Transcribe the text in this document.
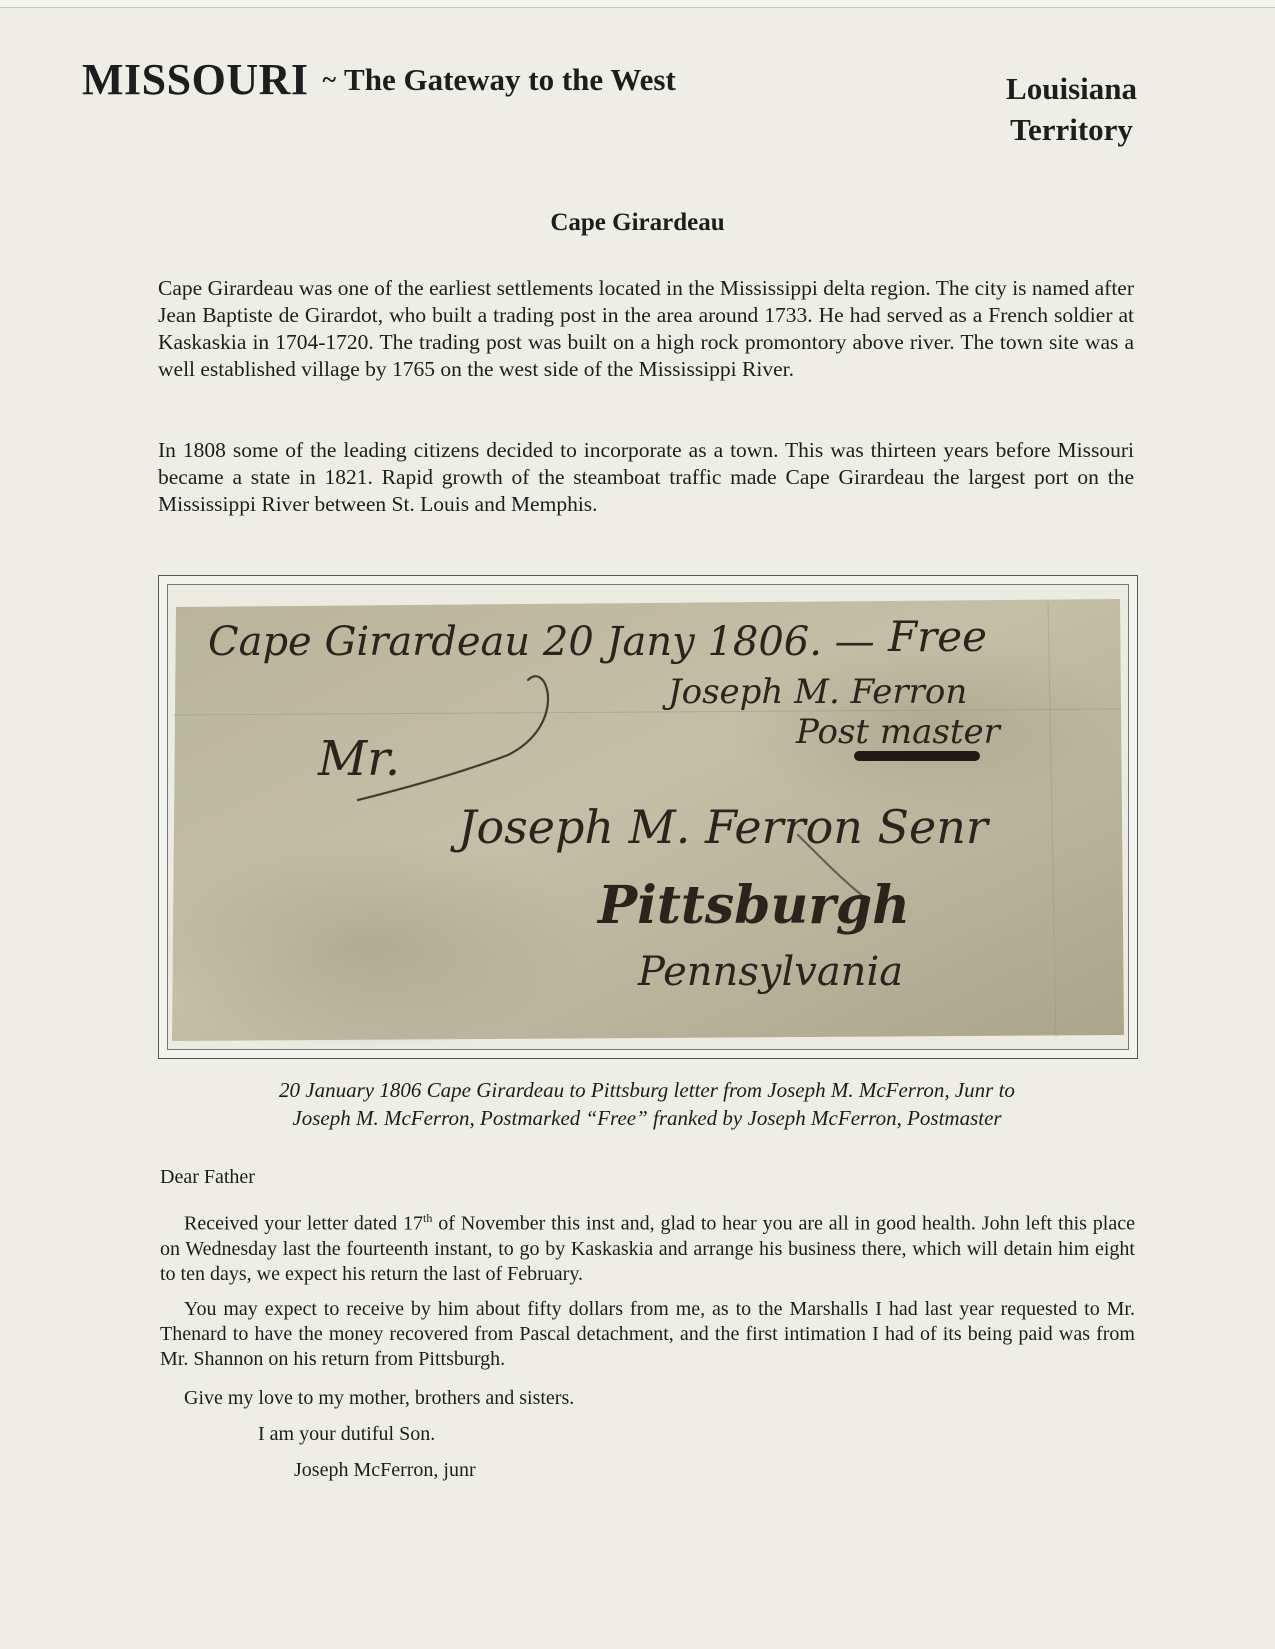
MISSOURI ~ The Gateway to the West	Louisiana
Territory
Cape Girardeau

Cape Girardeau was one of the earliest settlements located in the Mississippi delta region. The city is named after Jean Baptiste de Girardot, who built a trading post in the area around 1733. He had served as a French soldier at Kaskaskia in 1704-1720. The trading post was built on a high rock promontory above river. The town site was a well established village by 1765 on the west side of the Mississippi River.

In 1808 some of the leading citizens decided to incorporate as a town. This was thirteen years before Missouri became a state in 1821. Rapid growth of the steamboat traffic made Cape Girardeau the largest port on the Mississippi River between St. Louis and Memphis.

Cape Girardeau 20 Jany 1806. — Free
Joseph M. Ferron
Post master
Mr.
Joseph M. Ferron Senr
Pittsburgh
Pennsylvania
20 January 1806 Cape Girardeau to Pittsburg letter from Joseph M. McFerron, Junr to
Joseph M. McFerron, Postmarked “Free” franked by Joseph McFerron, Postmaster

Dear Father

Received your letter dated 17th of November this inst and, glad to hear you are all in good health. John left this place on Wednesday last the fourteenth instant, to go by Kaskaskia and arrange his business there, which will detain him eight to ten days, we expect his return the last of February.

You may expect to receive by him about fifty dollars from me, as to the Marshalls I had last year requested to Mr. Thenard to have the money recovered from Pascal detachment, and the first intimation I had of its being paid was from Mr. Shannon on his return from Pittsburgh.

Give my love to my mother, brothers and sisters.

I am your dutiful Son.

Joseph McFerron, junr
